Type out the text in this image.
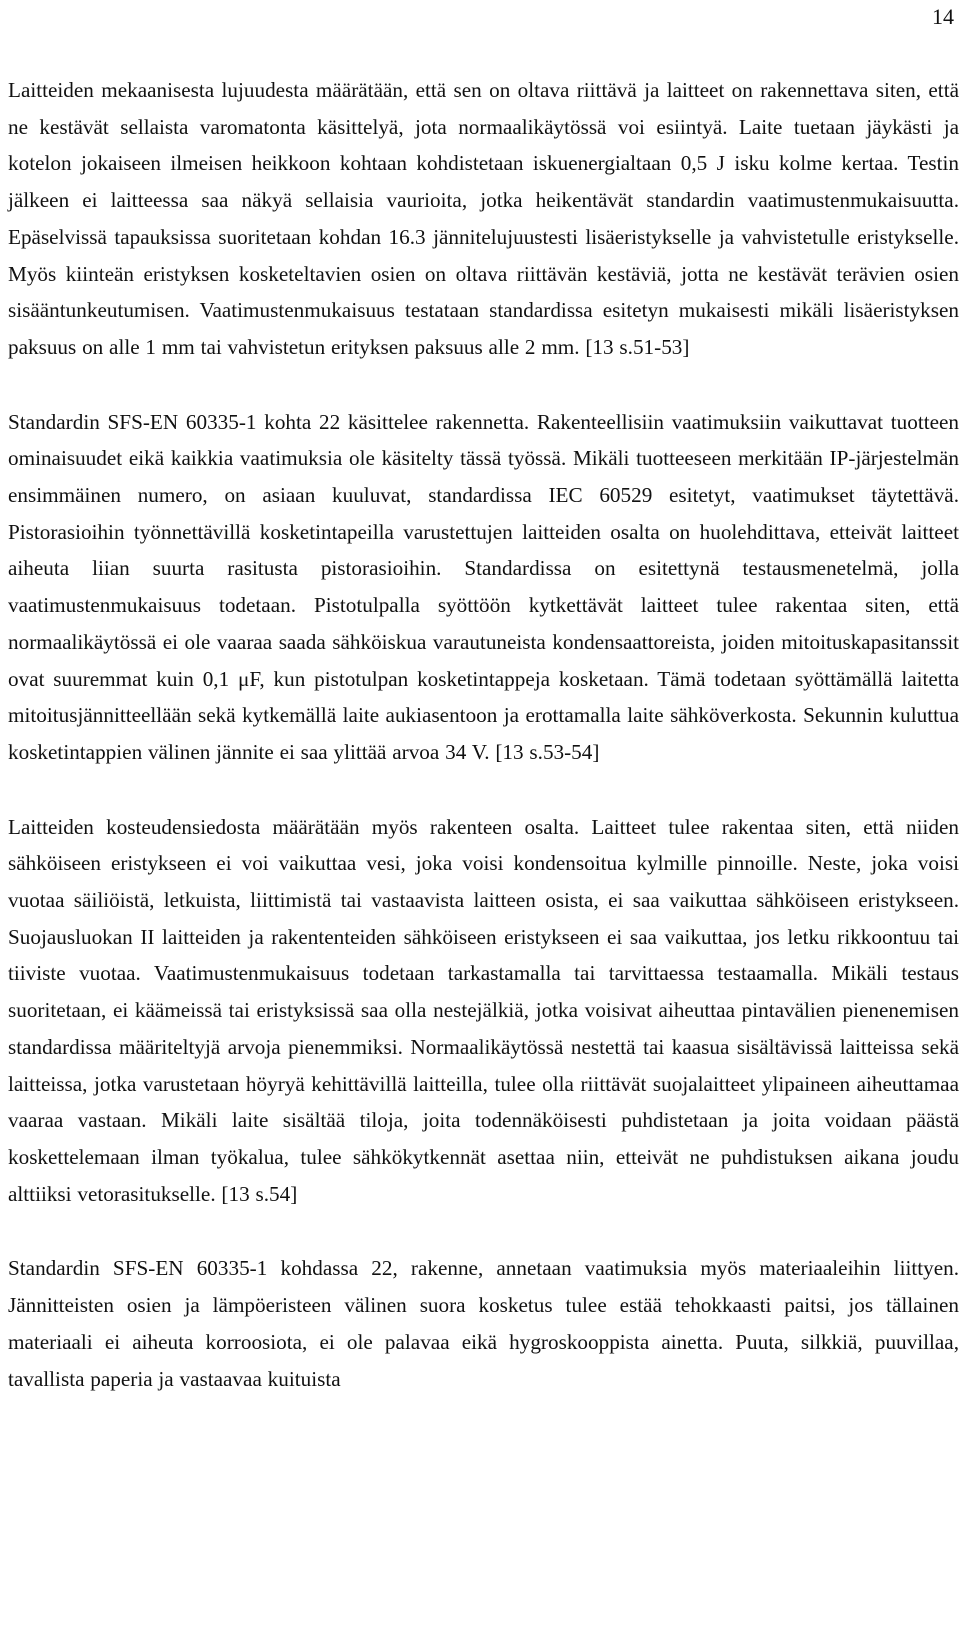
14

Laitteiden mekaanisesta lujuudesta määrätään, että sen on oltava riittävä ja laitteet on rakennettava siten, että ne kestävät sellaista varomatonta käsittelyä, jota normaalikäytössä voi esiintyä. Laite tuetaan jäykästi ja kotelon jokaiseen ilmeisen heikkoon kohtaan kohdistetaan iskuenergialtaan 0,5 J isku kolme kertaa. Testin jälkeen ei laitteessa saa näkyä sellaisia vaurioita, jotka heikentävät standardin vaatimustenmukaisuutta. Epäselvissä tapauksissa suoritetaan kohdan 16.3 jännitelujuustesti lisäeristykselle ja vahvistetulle eristykselle. Myös kiinteän eristyksen kosketeltavien osien on oltava riittävän kestäviä, jotta ne kestävät terävien osien sisääntunkeutumisen. Vaatimustenmukaisuus testataan standardissa esitetyn mukaisesti mikäli lisäeristyksen paksuus on alle 1 mm tai vahvistetun erityksen paksuus alle 2 mm. [13 s.51-53]

Standardin SFS-EN 60335-1 kohta 22 käsittelee rakennetta. Rakenteellisiin vaatimuksiin vaikuttavat tuotteen ominaisuudet eikä kaikkia vaatimuksia ole käsitelty tässä työssä. Mikäli tuotteeseen merkitään IP-järjestelmän ensimmäinen numero, on asiaan kuuluvat, standardissa IEC 60529 esitetyt, vaatimukset täytettävä. Pistorasioihin työnnettävillä kosketintapeilla varustettujen laitteiden osalta on huolehdittava, etteivät laitteet aiheuta liian suurta rasitusta pistorasioihin. Standardissa on esitettynä testausmenetelmä, jolla vaatimustenmukaisuus todetaan. Pistotulpalla syöttöön kytkettävät laitteet tulee rakentaa siten, että normaalikäytössä ei ole vaaraa saada sähköiskua varautuneista kondensaattoreista, joiden mitoituskapasitanssit ovat suuremmat kuin 0,1 μF, kun pistotulpan kosketintappeja kosketaan. Tämä todetaan syöttämällä laitetta mitoitusjännitteellään sekä kytkemällä laite aukiasentoon ja erottamalla laite sähköverkosta. Sekunnin kuluttua kosketintappien välinen jännite ei saa ylittää arvoa 34 V. [13 s.53-54]

Laitteiden kosteudensiedosta määrätään myös rakenteen osalta. Laitteet tulee rakentaa siten, että niiden sähköiseen eristykseen ei voi vaikuttaa vesi, joka voisi kondensoitua kylmille pinnoille. Neste, joka voisi vuotaa säiliöistä, letkuista, liittimistä tai vastaavista laitteen osista, ei saa vaikuttaa sähköiseen eristykseen. Suojausluokan II laitteiden ja rakententeiden sähköiseen eristykseen ei saa vaikuttaa, jos letku rikkoontuu tai tiiviste vuotaa. Vaatimustenmukaisuus todetaan tarkastamalla tai tarvittaessa testaamalla. Mikäli testaus suoritetaan, ei käämeissä tai eristyksissä saa olla nestejälkiä, jotka voisivat aiheuttaa pintavälien pienenemisen standardissa määriteltyjä arvoja pienemmiksi. Normaalikäytössä nestettä tai kaasua sisältävissä laitteissa sekä laitteissa, jotka varustetaan höyryä kehittävillä laitteilla, tulee olla riittävät suojalaitteet ylipaineen aiheuttamaa vaaraa vastaan. Mikäli laite sisältää tiloja, joita todennäköisesti puhdistetaan ja joita voidaan päästä koskettelemaan ilman työkalua, tulee sähkökytkennät asettaa niin, etteivät ne puhdistuksen aikana joudu alttiiksi vetorasitukselle. [13 s.54]

Standardin SFS-EN 60335-1 kohdassa 22, rakenne, annetaan vaatimuksia myös materiaaleihin liittyen. Jännitteisten osien ja lämpöeristeen välinen suora kosketus tulee estää tehokkaasti paitsi, jos tällainen materiaali ei aiheuta korroosiota, ei ole palavaa eikä hygroskooppista ainetta. Puuta, silkkiä, puuvillaa, tavallista paperia ja vastaavaa kuituista
